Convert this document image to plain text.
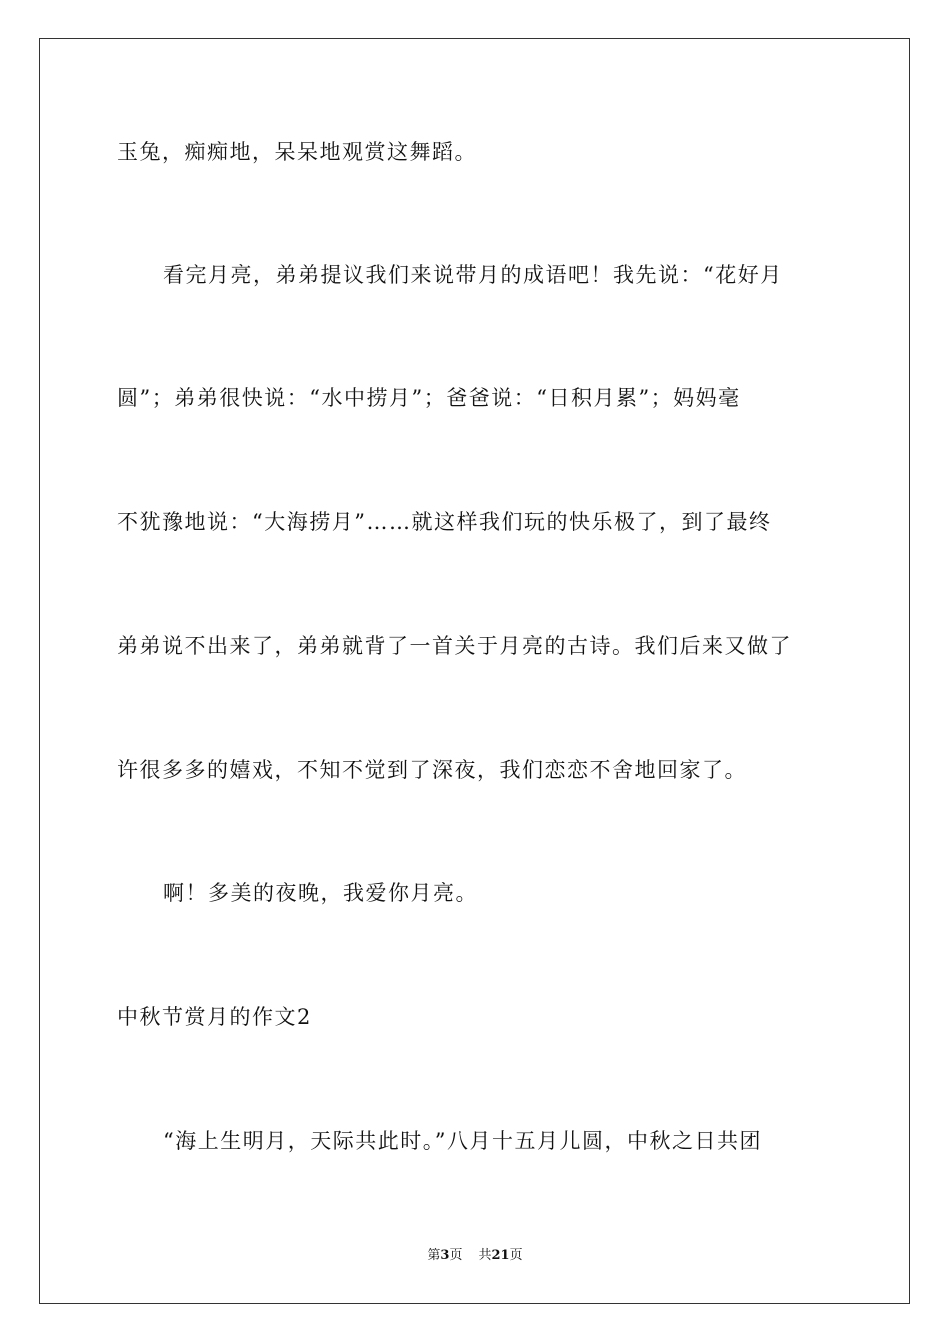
玉兔，痴痴地，呆呆地观赏这舞蹈。
看完月亮，弟弟提议我们来说带月的成语吧！我先说：“花好月
圆”；弟弟很快说：“水中捞月”；爸爸说：“日积月累”；妈妈毫
不犹豫地说：“大海捞月”……就这样我们玩的快乐极了，到了最终
弟弟说不出来了，弟弟就背了一首关于月亮的古诗。我们后来又做了
许很多多的嬉戏，不知不觉到了深夜，我们恋恋不舍地回家了。
啊！多美的夜晚，我爱你月亮。
中秋节赏月的作文2
“海上生明月，天际共此时。”八月十五月儿圆，中秋之日共团
第3页 共21页
